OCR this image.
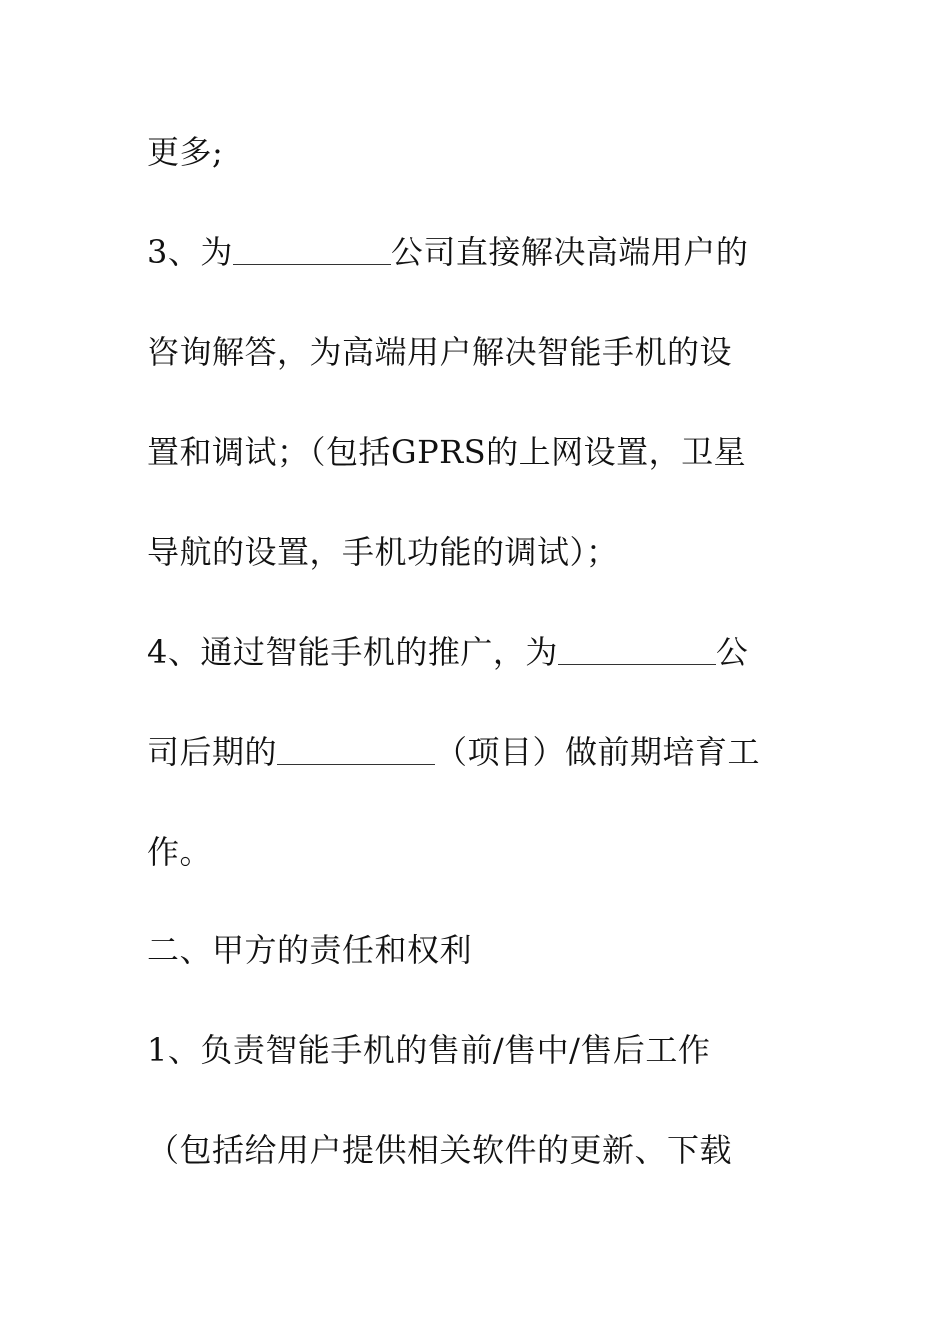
更多;
3、为	公司直接解决高端用户的
咨询解答，为高端用户解决智能手机的设
置和调试；（包括GPRS的上网设置，卫星
导航的设置，手机功能的调试）；
4、通过智能手机的推广，为	公
司后期的	（项目）做前期培育工
作。
二、甲方的责任和权利
1、负责智能手机的售前/售中/售后工作
（包括给用户提供相关软件的更新、下载
